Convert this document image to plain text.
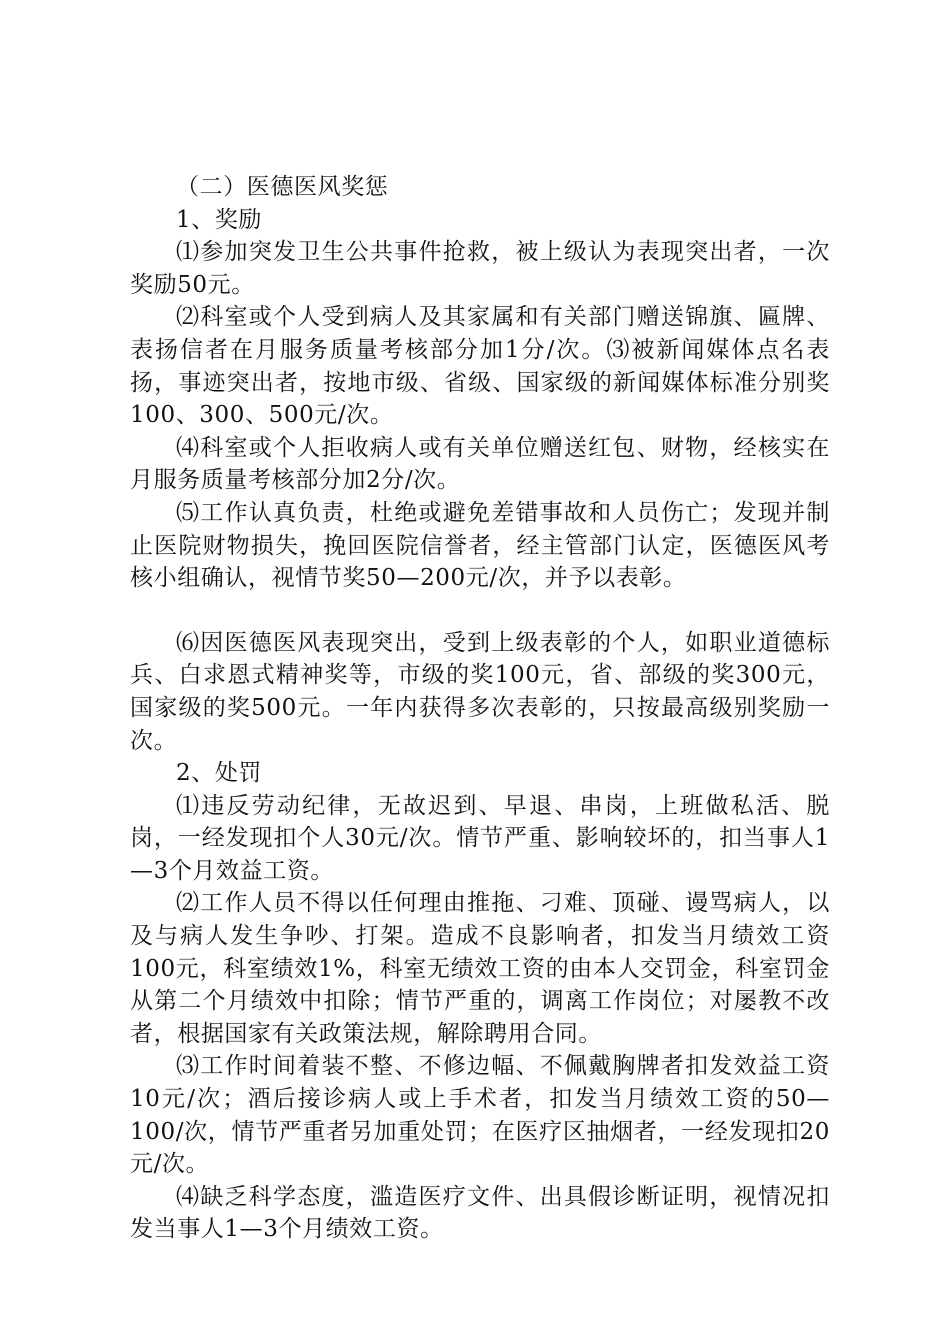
（二）医德医风奖惩

1、奖励

⑴参加突发卫生公共事件抢救，被上级认为表现突出者，一次奖励50元。

⑵科室或个人受到病人及其家属和有关部门赠送锦旗、匾牌、表扬信者在月服务质量考核部分加1分/次。⑶被新闻媒体点名表扬，事迹突出者，按地市级、省级、国家级的新闻媒体标准分别奖100、300、500元/次。

⑷科室或个人拒收病人或有关单位赠送红包、财物，经核实在月服务质量考核部分加2分/次。

⑸工作认真负责，杜绝或避免差错事故和人员伤亡；发现并制止医院财物损失，挽回医院信誉者，经主管部门认定，医德医风考核小组确认，视情节奖50—200元/次，并予以表彰。

⑹因医德医风表现突出，受到上级表彰的个人，如职业道德标兵、白求恩式精神奖等，市级的奖100元，省、部级的奖300元，国家级的奖500元。一年内获得多次表彰的，只按最高级别奖励一次。

2、处罚

⑴违反劳动纪律，无故迟到、早退、串岗，上班做私活、脱岗，一经发现扣个人30元/次。情节严重、影响较坏的，扣当事人1—3个月效益工资。

⑵工作人员不得以任何理由推拖、刁难、顶碰、谩骂病人，以及与病人发生争吵、打架。造成不良影响者，扣发当月绩效工资100元，科室绩效1%，科室无绩效工资的由本人交罚金，科室罚金从第二个月绩效中扣除；情节严重的，调离工作岗位；对屡教不改者，根据国家有关政策法规，解除聘用合同。

⑶工作时间着装不整、不修边幅、不佩戴胸牌者扣发效益工资10元/次；酒后接诊病人或上手术者，扣发当月绩效工资的50—100/次，情节严重者另加重处罚；在医疗区抽烟者，一经发现扣20元/次。

⑷缺乏科学态度，滥造医疗文件、出具假诊断证明，视情况扣发当事人1—3个月绩效工资。
